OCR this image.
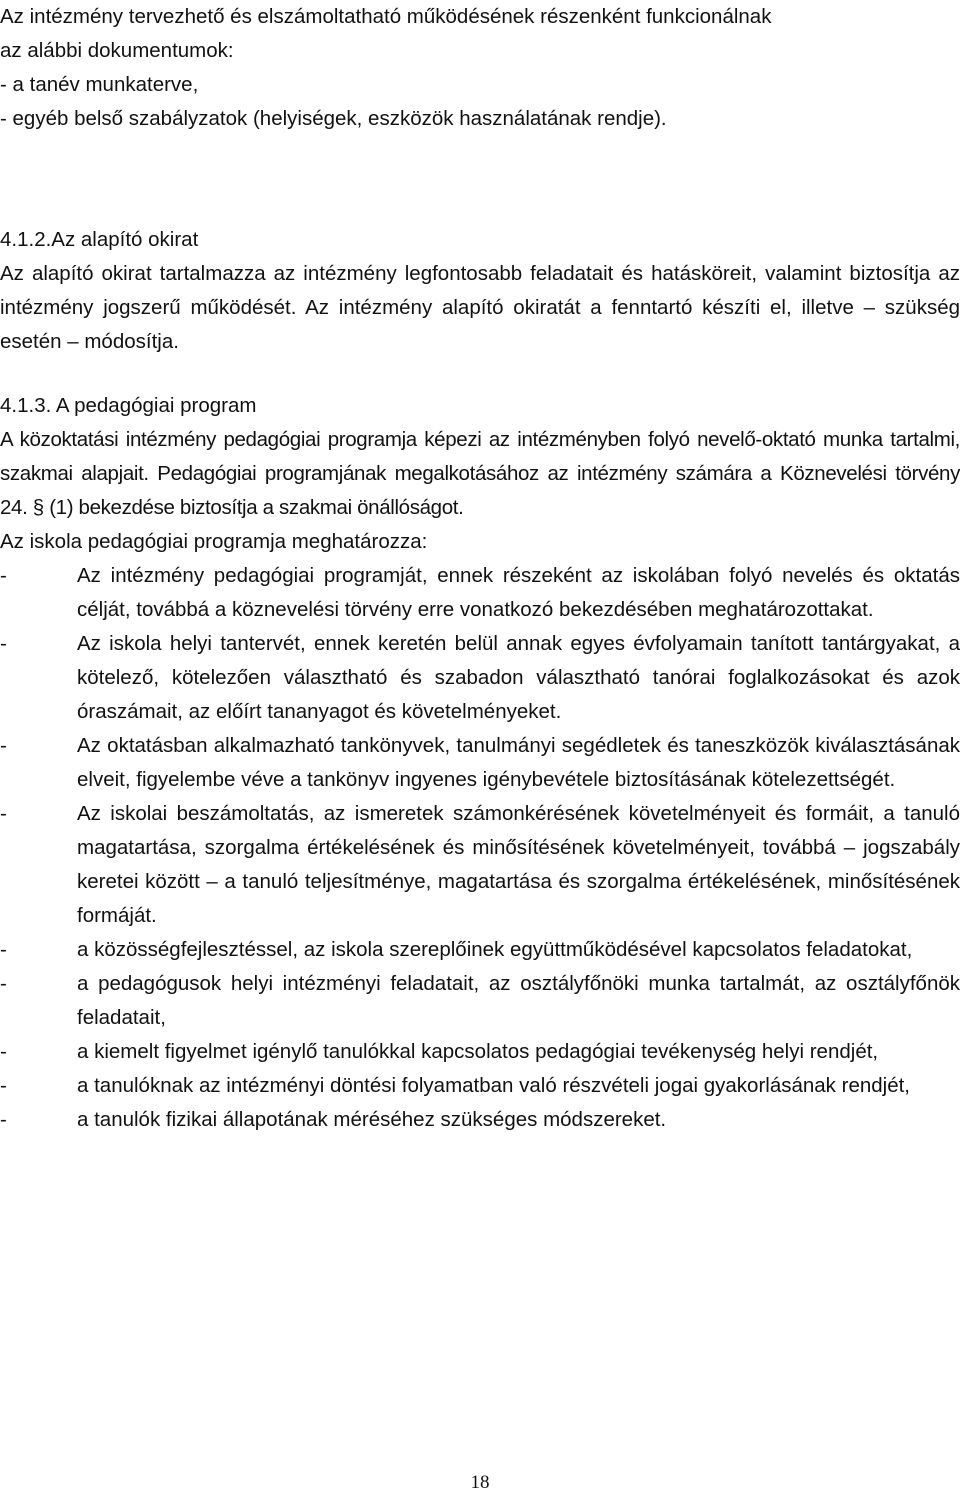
Az intézmény tervezhető és elszámoltatható működésének részenként funkcionálnak
az alábbi dokumentumok:
- a tanév munkaterve,
- egyéb belső szabályzatok (helyiségek, eszközök használatának rendje).
4.1.2.Az alapító okirat
Az alapító okirat tartalmazza az intézmény legfontosabb feladatait és hatásköreit, valamint biztosítja az intézmény jogszerű működését. Az intézmény alapító okiratát a fenntartó készíti el, illetve – szükség esetén – módosítja.
4.1.3. A pedagógiai program
A közoktatási intézmény pedagógiai programja képezi az intézményben folyó nevelő-oktató munka tartalmi, szakmai alapjait. Pedagógiai programjának megalkotásához az intézmény számára a Köznevelési törvény 24. § (1) bekezdése biztosítja a szakmai önállóságot.
Az iskola pedagógiai programja meghatározza:
-	Az intézmény pedagógiai programját, ennek részeként az iskolában folyó nevelés és oktatás célját, továbbá a köznevelési törvény erre vonatkozó bekezdésében meghatározottakat.
-	Az iskola helyi tantervét, ennek keretén belül annak egyes évfolyamain tanított tantárgyakat, a kötelező, kötelezően választható és szabadon választható tanórai foglalkozásokat és azok óraszámait, az előírt tananyagot és követelményeket.
-	Az oktatásban alkalmazható tankönyvek, tanulmányi segédletek és taneszközök kiválasztásának elveit, figyelembe véve a tankönyv ingyenes igénybevétele biztosításának kötelezettségét.
-	Az iskolai beszámoltatás, az ismeretek számonkérésének követelményeit és formáit, a tanuló magatartása, szorgalma értékelésének és minősítésének követelményeit, továbbá – jogszabály keretei között – a tanuló teljesítménye, magatartása és szorgalma értékelésének, minősítésének formáját.
-	a közösségfejlesztéssel, az iskola szereplőinek együttműködésével kapcsolatos feladatokat,
-	a pedagógusok helyi intézményi feladatait, az osztályfőnöki munka tartalmát, az osztályfőnök feladatait,
-	a kiemelt figyelmet igénylő tanulókkal kapcsolatos pedagógiai tevékenység helyi rendjét,
-	a tanulóknak az intézményi döntési folyamatban való részvételi jogai gyakorlásának rendjét,
-	a tanulók fizikai állapotának méréséhez szükséges módszereket.
18
